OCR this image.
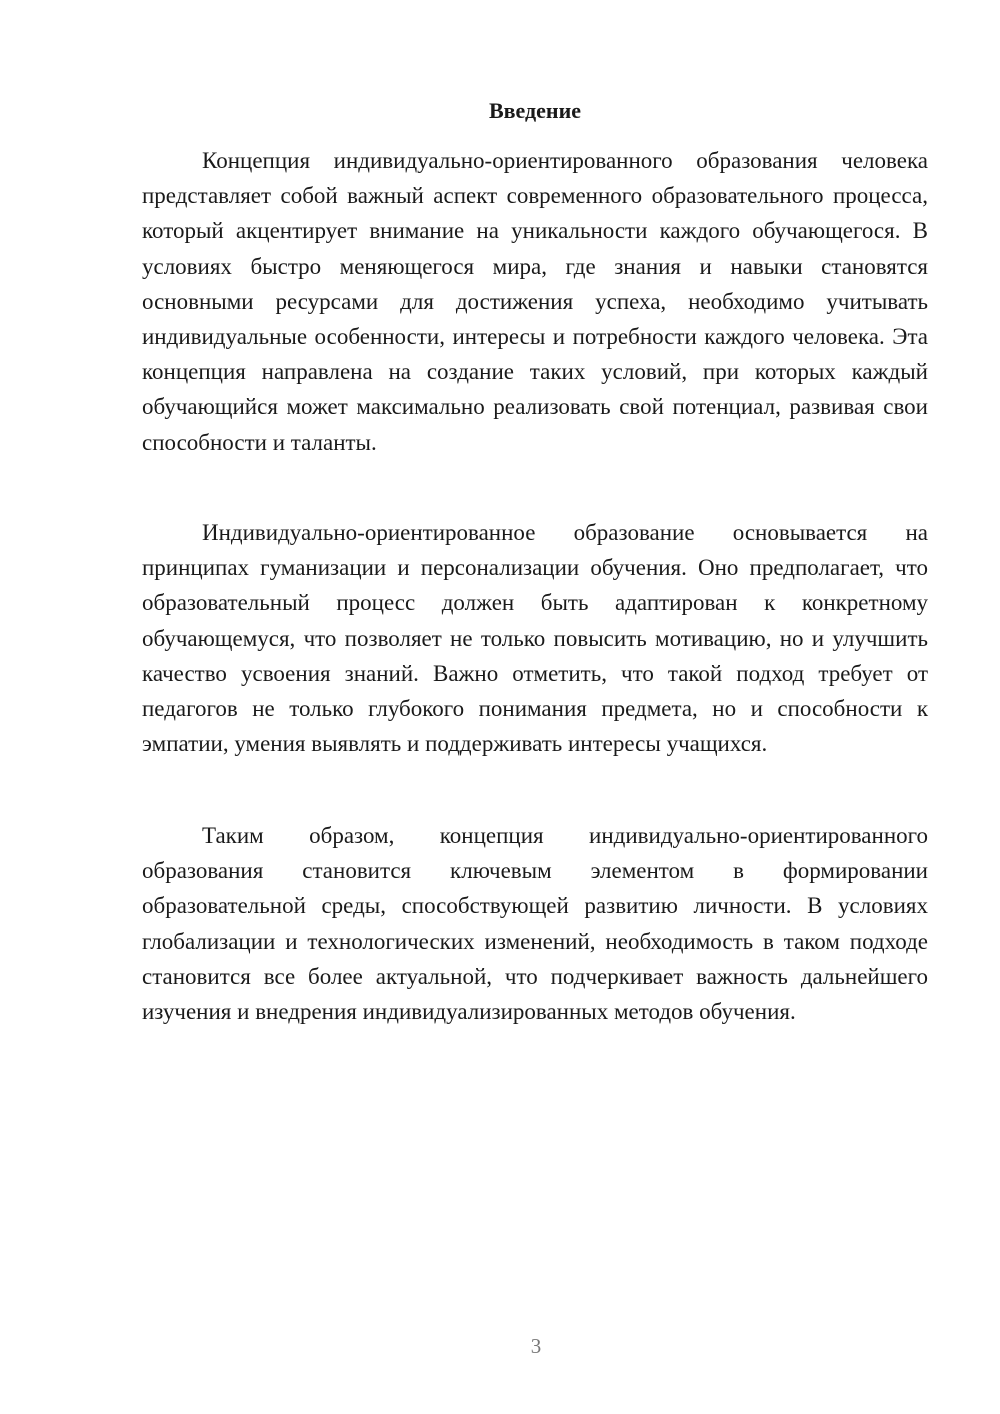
Введение

Концепция индивидуально-ориентированного образования человека представляет собой важный аспект современного образовательного процесса, который акцентирует внимание на уникальности каждого обучающегося. В условиях быстро меняющегося мира, где знания и навыки становятся основными ресурсами для достижения успеха, необходимо учитывать индивидуальные особенности, интересы и потребности каждого человека. Эта концепция направлена на создание таких условий, при которых каждый обучающийся может максимально реализовать свой потенциал, развивая свои способности и таланты.

Индивидуально-ориентированное образование основывается на принципах гуманизации и персонализации обучения. Оно предполагает, что образовательный процесс должен быть адаптирован к конкретному обучающемуся, что позволяет не только повысить мотивацию, но и улучшить качество усвоения знаний. Важно отметить, что такой подход требует от педагогов не только глубокого понимания предмета, но и способности к эмпатии, умения выявлять и поддерживать интересы учащихся.

Таким образом, концепция индивидуально-ориентированного образования становится ключевым элементом в формировании образовательной среды, способствующей развитию личности. В условиях глобализации и технологических изменений, необходимость в таком подходе становится все более актуальной, что подчеркивает важность дальнейшего изучения и внедрения индивидуализированных методов обучения.

3
